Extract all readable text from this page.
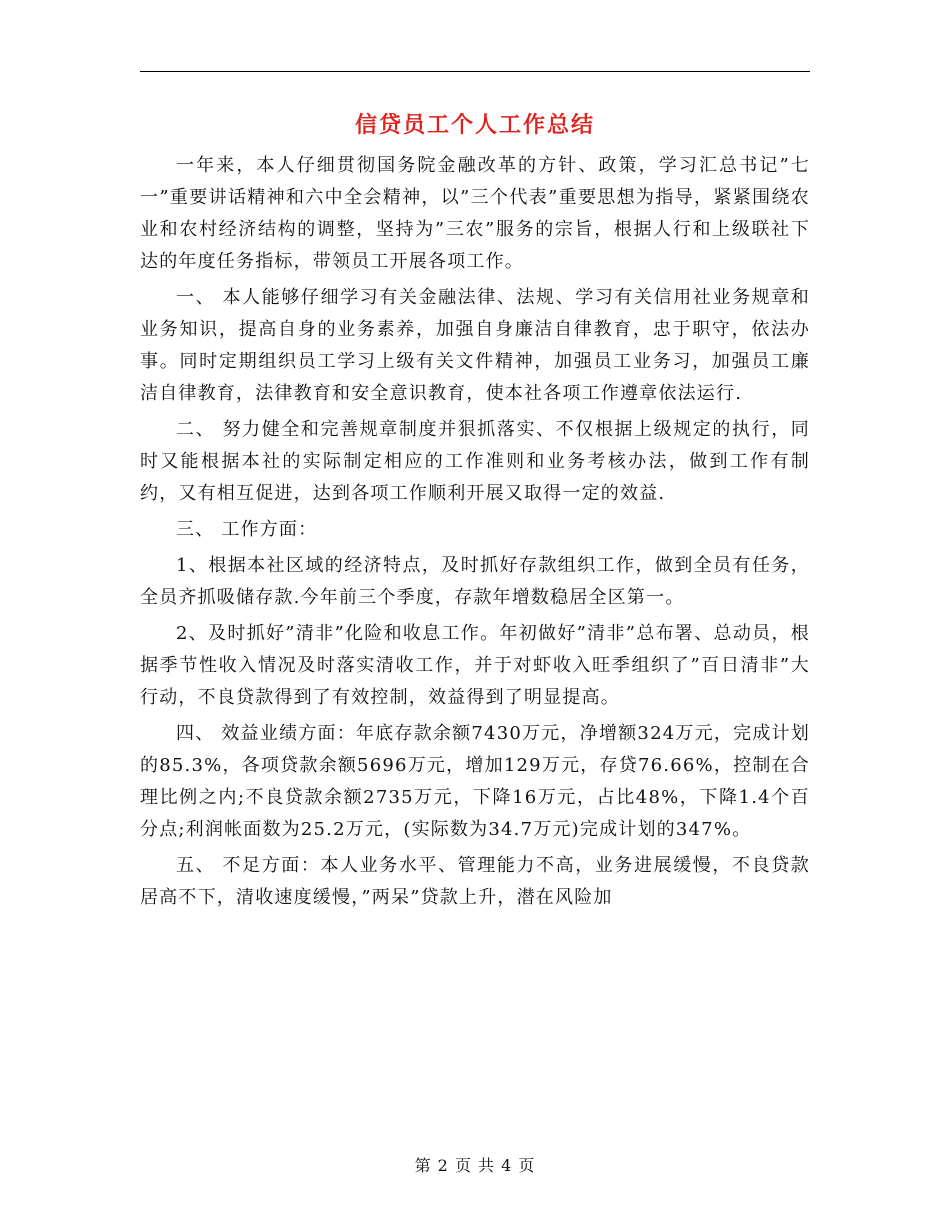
信贷员工个人工作总结

一年来，本人仔细贯彻国务院金融改革的方针、政策，学习汇总书记”七一”重要讲话精神和六中全会精神，以”三个代表”重要思想为指导，紧紧围绕农业和农村经济结构的调整，坚持为”三农”服务的宗旨，根据人行和上级联社下达的年度任务指标，带领员工开展各项工作。

一、 本人能够仔细学习有关金融法律、法规、学习有关信用社业务规章和业务知识，提高自身的业务素养，加强自身廉洁自律教育，忠于职守，依法办事。同时定期组织员工学习上级有关文件精神，加强员工业务习，加强员工廉洁自律教育，法律教育和安全意识教育，使本社各项工作遵章依法运行.

二、 努力健全和完善规章制度并狠抓落实、不仅根据上级规定的执行，同时又能根据本社的实际制定相应的工作准则和业务考核办法，做到工作有制约，又有相互促进，达到各项工作顺利开展又取得一定的效益.

三、 工作方面：

1、根据本社区域的经济特点，及时抓好存款组织工作，做到全员有任务，全员齐抓吸储存款.今年前三个季度，存款年增数稳居全区第一。

2、及时抓好”清非”化险和收息工作。年初做好”清非”总布署、总动员，根据季节性收入情况及时落实清收工作，并于对虾收入旺季组织了”百日清非”大行动，不良贷款得到了有效控制，效益得到了明显提高。

四、 效益业绩方面：年底存款余额7430万元，净增额324万元，完成计划的85.3%，各项贷款余额5696万元，增加129万元，存贷76.66%，控制在合理比例之内;不良贷款余额2735万元，下降16万元，占比48%，下降1.4个百分点;利润帐面数为25.2万元，(实际数为34.7万元)完成计划的347%。

五、 不足方面：本人业务水平、管理能力不高，业务进展缓慢，不良贷款居高不下，清收速度缓慢，”两呆”贷款上升，潜在风险加

第 2 页 共 4 页
